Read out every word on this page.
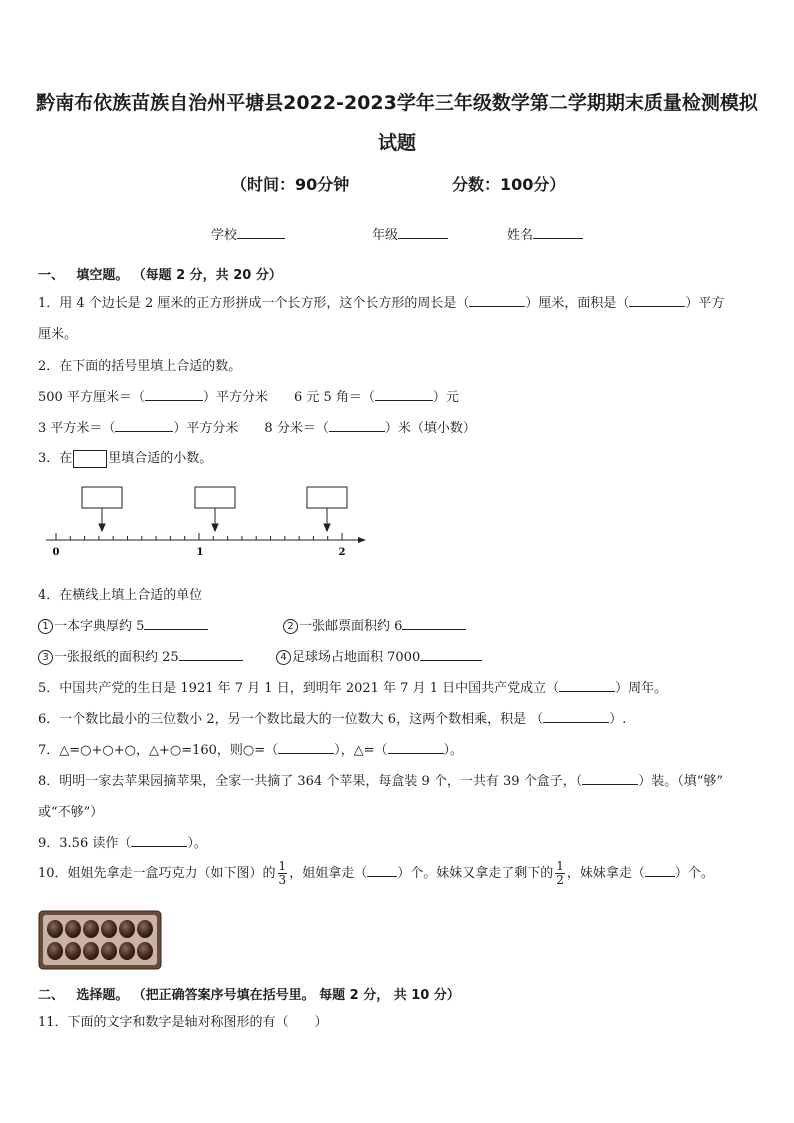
黔南布依族苗族自治州平塘县2022-2023学年三年级数学第二学期期末质量检测模拟
试题
（时间：90分钟	分数：100分）
学校	年级	姓名
一、 填空题。 （每题 2 分，共 20 分）
1．用 4 个边长是 2 厘米的正方形拼成一个长方形，这个长方形的周长是（	）厘米，面积是（	）平方
厘米。
2．在下面的括号里填上合适的数。
500 平方厘米＝（	）平方分米 6 元 5 角＝（	）元
3 平方米＝（	）平方分米 8 分米＝（	）米（填小数）
3．在	里填合适的小数。
0	1	2
4．在横线上填上合适的单位
1 一本字典厚约 5	2 一张邮票面积约 6
3 一张报纸的面积约 25	4 足球场占地面积 7000
5．中国共产党的生日是 1921 年 7 月 1 日，到明年 2021 年 7 月 1 日中国共产党成立（	）周年。
6．一个数比最小的三位数小 2，另一个数比最大的一位数大 6，这两个数相乘，积是 （	）.
7．△=○+○+○，△+○=160，则○=（	），△=（	）。
8．明明一家去苹果园摘苹果，全家一共摘了 364 个苹果，每盒装 9 个，一共有 39 个盒子，（	）装。（填“够”
或“不够”）
9．3.56 读作（	）。
10．姐姐先拿走一盒巧克力（如下图）的 $\frac{1}{3}$ ，姐姐拿走（ ）个。妹妹又拿走了剩下的 $\frac{1}{2}$ ，妹妹拿走（ ）个。
二、 选择题。 （把正确答案序号填在括号里。 每题 2 分， 共 10 分）
11．下面的文字和数字是轴对称图形的有（　　）
